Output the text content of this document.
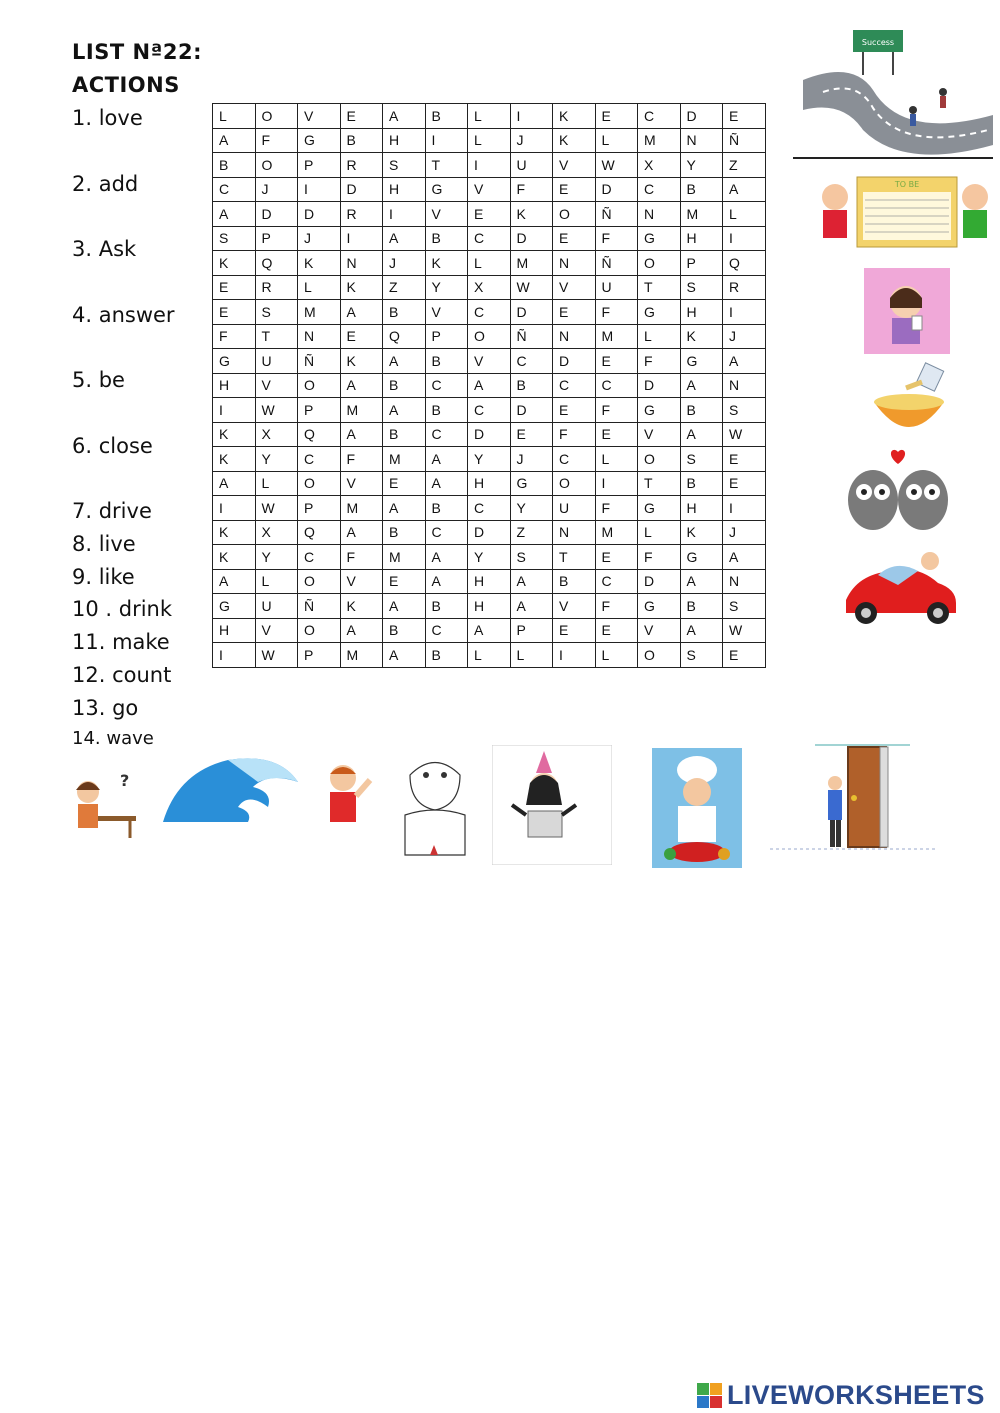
LIST Nª22:
ACTIONS
1. love
2. add
3. Ask
4. answer
5. be
6. close
7. drive
8. live
9. like
10 . drink
11. make
12. count
13. go
14. wave
L	O	V	E	A	B	L	I	K	E	C	D	E
A	F	G	B	H	I	L	J	K	L	M	N	Ñ
B	O	P	R	S	T	I	U	V	W	X	Y	Z
C	J	I	D	H	G	V	F	E	D	C	B	A
A	D	D	R	I	V	E	K	O	Ñ	N	M	L
S	P	J	I	A	B	C	D	E	F	G	H	I
K	Q	K	N	J	K	L	M	N	Ñ	O	P	Q
E	R	L	K	Z	Y	X	W	V	U	T	S	R
E	S	M	A	B	V	C	D	E	F	G	H	I
F	T	N	E	Q	P	O	Ñ	N	M	L	K	J
G	U	Ñ	K	A	B	V	C	D	E	F	G	A
H	V	O	A	B	C	A	B	C	C	D	A	N
I	W	P	M	A	B	C	D	E	F	G	B	S
K	X	Q	A	B	C	D	E	F	E	V	A	W
K	Y	C	F	M	A	Y	J	C	L	O	S	E
A	L	O	V	E	A	H	G	O	I	T	B	E
I	W	P	M	A	B	C	Y	U	F	G	H	I
K	X	Q	A	B	C	D	Z	N	M	L	K	J
K	Y	C	F	M	A	Y	S	T	E	F	G	A
A	L	O	V	E	A	H	A	B	C	D	A	N
G	U	Ñ	K	A	B	H	A	V	F	G	B	S
H	V	O	A	B	C	A	P	E	E	V	A	W
I	W	P	M	A	B	L	L	I	L	O	S	E
Success
TO BE
?
LIVEWORKSHEETS
